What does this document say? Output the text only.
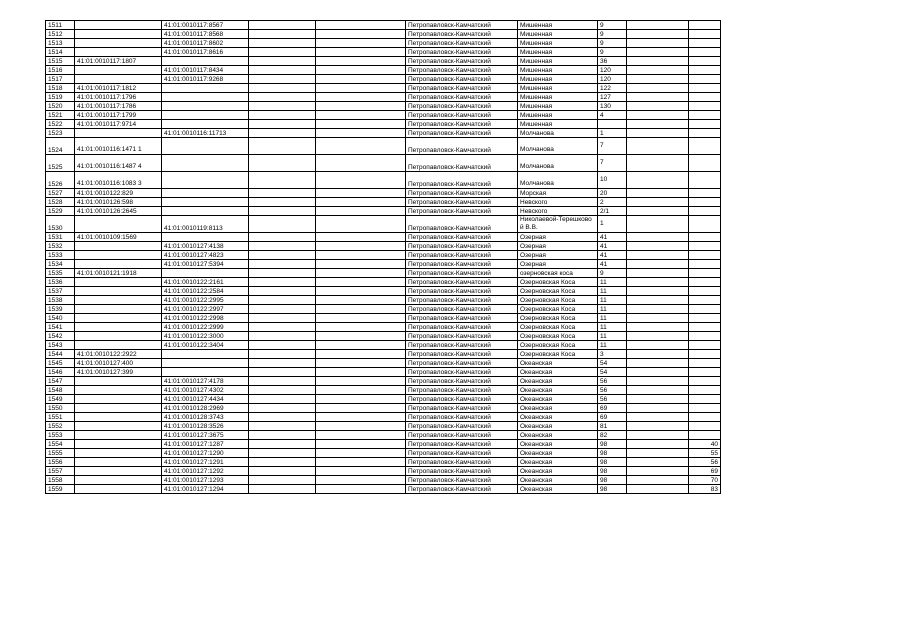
1511		41:01:0010117:8567			Петропавловск-Камчатский	Мишенная	9		
1512		41:01:0010117:8568			Петропавловск-Камчатский	Мишенная	9		
1513		41:01:0010117:8602			Петропавловск-Камчатский	Мишенная	9		
1514		41:01:0010117:8616			Петропавловск-Камчатский	Мишенная	9		
1515	41:01:0010117:1807				Петропавловск-Камчатский	Мишенная	36		
1516		41:01:0010117:8434			Петропавловск-Камчатский	Мишенная	120		
1517		41:01:0010117:9268			Петропавловск-Камчатский	Мишенная	120		
1518	41:01:0010117:1812				Петропавловск-Камчатский	Мишенная	122		
1519	41:01:0010117:1796				Петропавловск-Камчатский	Мишенная	127		
1520	41:01:0010117:1786				Петропавловск-Камчатский	Мишенная	130		
1521	41:01:0010117:1799				Петропавловск-Камчатский	Мишенная	4		
1522	41:01:0010117:9714				Петропавловск-Камчатский	Мишенная			
1523		41:01:0010116:11713			Петропавловск-Камчатский	Молчанова	1		
1524	41:01:0010116:1471 1				Петропавловск-Камчатский	Молчанова	7		
1525	41:01:0010116:1487 4				Петропавловск-Камчатский	Молчанова	7		
1526	41:01:0010116:1083 3				Петропавловск-Камчатский	Молчанова	10		
1527	41:01:0010122:829				Петропавловск-Камчатский	Морская	20		
1528	41:01:0010126:598				Петропавловск-Камчатский	Невского	2		
1529	41:01:0010126:2645				Петропавловск-Камчатский	Невского	2/1		
1530		41:01:0010119:8113			Петропавловск-Камчатский	Николаевой-Терешковой В.В.	1		
1531	41:01:0010109:1569				Петропавловск-Камчатский	Озерная	41		
1532		41:01:0010127:4138			Петропавловск-Камчатский	Озерная	41		
1533		41:01:0010127:4823			Петропавловск-Камчатский	Озерная	41		
1534		41:01:0010127:5394			Петропавловск-Камчатский	Озерная	41		
1535	41:01:0010121:1918				Петропавловск-Камчатский	озерновская коса	9		
1536		41:01:0010122:2161			Петропавловск-Камчатский	Озерновская Коса	11		
1537		41:01:0010122:2584			Петропавловск-Камчатский	Озерновская Коса	11		
1538		41:01:0010122:2995			Петропавловск-Камчатский	Озерновская Коса	11		
1539		41:01:0010122:2997			Петропавловск-Камчатский	Озерновская Коса	11		
1540		41:01:0010122:2998			Петропавловск-Камчатский	Озерновская Коса	11		
1541		41:01:0010122:2999			Петропавловск-Камчатский	Озерновская Коса	11		
1542		41:01:0010122:3000			Петропавловск-Камчатский	Озерновская Коса	11		
1543		41:01:0010122:3404			Петропавловск-Камчатский	Озерновская Коса	11		
1544	41:01:0010122:2922				Петропавловск-Камчатский	Озерновская Коса	3		
1545	41:01:0010127:400				Петропавловск-Камчатский	Океанская	54		
1546	41:01:0010127:399				Петропавловск-Камчатский	Океанская	54		
1547		41:01:0010127:4178			Петропавловск-Камчатский	Океанская	56		
1548		41:01:0010127:4302			Петропавловск-Камчатский	Океанская	56		
1549		41:01:0010127:4434			Петропавловск-Камчатский	Океанская	56		
1550		41:01:0010128:2969			Петропавловск-Камчатский	Океанская	69		
1551		41:01:0010128:3743			Петропавловск-Камчатский	Океанская	69		
1552		41:01:0010128:3526			Петропавловск-Камчатский	Океанская	81		
1553		41:01:0010127:3675			Петропавловск-Камчатский	Океанская	82		
1554		41:01:0010127:1287			Петропавловск-Камчатский	Океанская	98		40
1555		41:01:0010127:1290			Петропавловск-Камчатский	Океанская	98		55
1556		41:01:0010127:1291			Петропавловск-Камчатский	Океанская	98		56
1557		41:01:0010127:1292			Петропавловск-Камчатский	Океанская	98		69
1558		41:01:0010127:1293			Петропавловск-Камчатский	Океанская	98		70
1559		41:01:0010127:1294			Петропавловск-Камчатский	Океанская	98		83
